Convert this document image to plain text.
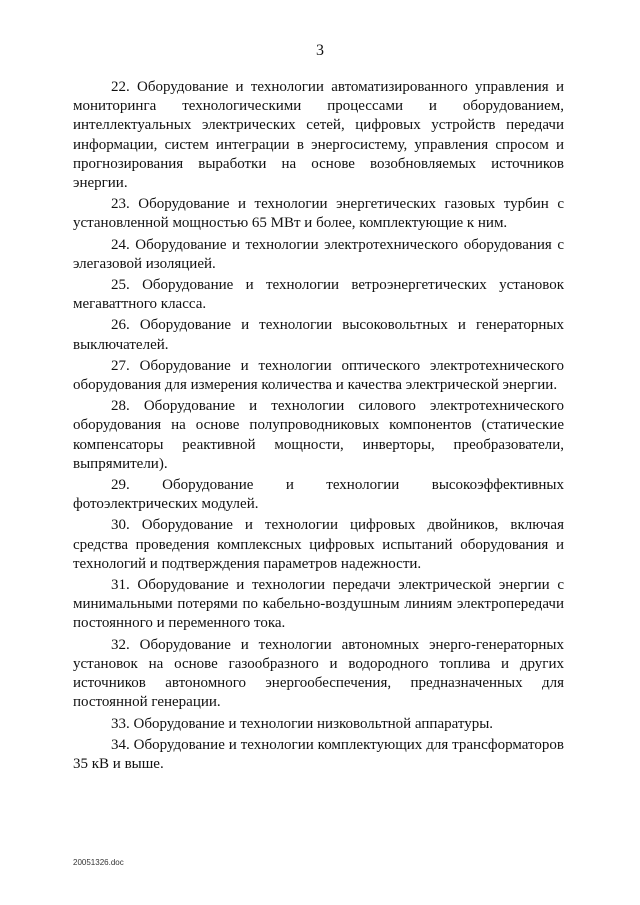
3

22. Оборудование и технологии автоматизированного управления и мониторинга технологическими процессами и оборудованием, интеллектуальных электрических сетей, цифровых устройств передачи информации, систем интеграции в энергосистему, управления спросом и прогнозирования выработки на основе возобновляемых источников энергии.

23. Оборудование и технологии энергетических газовых турбин с установленной мощностью 65 МВт и более, комплектующие к ним.

24. Оборудование и технологии электротехнического оборудования с элегазовой изоляцией.

25. Оборудование и технологии ветроэнергетических установок мегаваттного класса.

26. Оборудование и технологии высоковольтных и генераторных выключателей.

27. Оборудование и технологии оптического электротехнического оборудования для измерения количества и качества электрической энергии.

28. Оборудование и технологии силового электротехнического оборудования на основе полупроводниковых компонентов (статические компенсаторы реактивной мощности, инверторы, преобразователи, выпрямители).

29. Оборудование и технологии высокоэффективных фотоэлектрических модулей.

30. Оборудование и технологии цифровых двойников, включая средства проведения комплексных цифровых испытаний оборудования и технологий и подтверждения параметров надежности.

31. Оборудование и технологии передачи электрической энергии с минимальными потерями по кабельно-воздушным линиям электропередачи постоянного и переменного тока.

32. Оборудование и технологии автономных энерго-генераторных установок на основе газообразного и водородного топлива и других источников автономного энергообеспечения, предназначенных для постоянной генерации.

33. Оборудование и технологии низковольтной аппаратуры.

34. Оборудование и технологии комплектующих для трансформаторов 35 кВ и выше.

20051326.doc
